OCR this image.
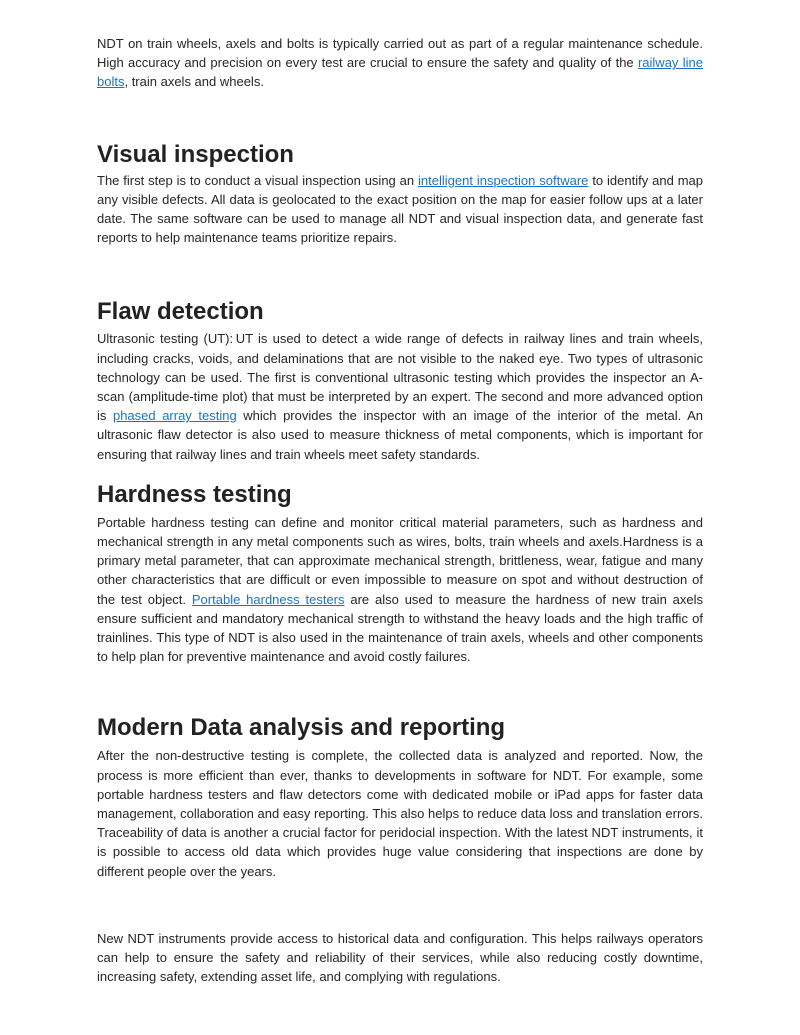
NDT on train wheels, axels and bolts is typically carried out as part of a regular maintenance schedule. High accuracy and precision on every test are crucial to ensure the safety and quality of the railway line bolts, train axels and wheels.

Visual inspection

The first step is to conduct a visual inspection using an intelligent inspection software to identify and map any visible defects. All data is geolocated to the exact position on the map for easier follow ups at a later date. The same software can be used to manage all NDT and visual inspection data, and generate fast reports to help maintenance teams prioritize repairs.

Flaw detection

Ultrasonic testing (UT): UT is used to detect a wide range of defects in railway lines and train wheels, including cracks, voids, and delaminations that are not visible to the naked eye. Two types of ultrasonic technology can be used. The first is conventional ultrasonic testing which provides the inspector an A-scan (amplitude-time plot) that must be interpreted by an expert. The second and more advanced option is phased array testing which provides the inspector with an image of the interior of the metal. An ultrasonic flaw detector is also used to measure thickness of metal components, which is important for ensuring that railway lines and train wheels meet safety standards.

Hardness testing

Portable hardness testing can define and monitor critical material parameters, such as hardness and mechanical strength in any metal components such as wires, bolts, train wheels and axels.Hardness is a primary metal parameter, that can approximate mechanical strength, brittleness, wear, fatigue and many other characteristics that are difficult or even impossible to measure on spot and without destruction of the test object. Portable hardness testers are also used to measure the hardness of new train axels ensure sufficient and mandatory mechanical strength to withstand the heavy loads and the high traffic of trainlines. This type of NDT is also used in the maintenance of train axels, wheels and other components to help plan for preventive maintenance and avoid costly failures.

Modern Data analysis and reporting

After the non-destructive testing is complete, the collected data is analyzed and reported. Now, the process is more efficient than ever, thanks to developments in software for NDT. For example, some portable hardness testers and flaw detectors come with dedicated mobile or iPad apps for faster data management, collaboration and easy reporting. This also helps to reduce data loss and translation errors. Traceability of data is another a crucial factor for peridocial inspection. With the latest NDT instruments, it is possible to access old data which provides huge value considering that inspections are done by different people over the years.

New NDT instruments provide access to historical data and configuration. This helps railways operators can help to ensure the safety and reliability of their services, while also reducing costly downtime, increasing safety, extending asset life, and complying with regulations.
